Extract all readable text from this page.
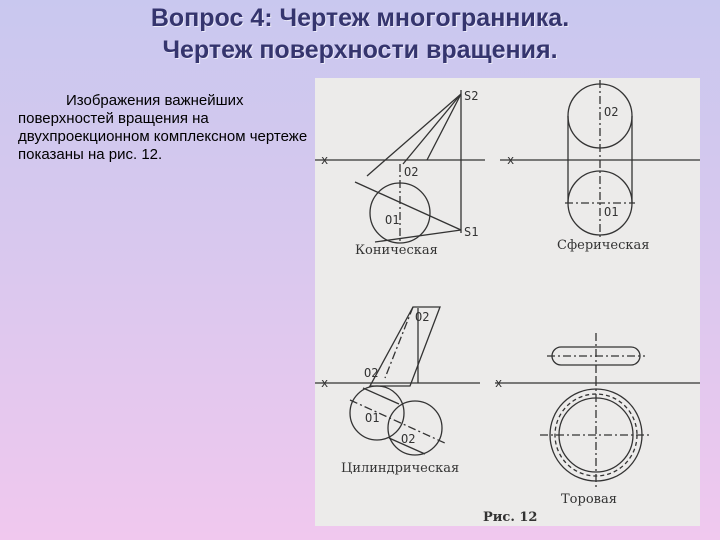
Вопрос 4: Чертеж многогранника.
Чертеж поверхности вращения.
Изображения важнейших поверхностей вращения на двухпроекционном комплексном чертеже показаны на рис. 12.	x	x
x	x
S2
S1
O2
O1
O2
O1
O2
O2
O1
O2
Коническая	Сферическая
Цилиндрическая
Торовая
Рис. 12
